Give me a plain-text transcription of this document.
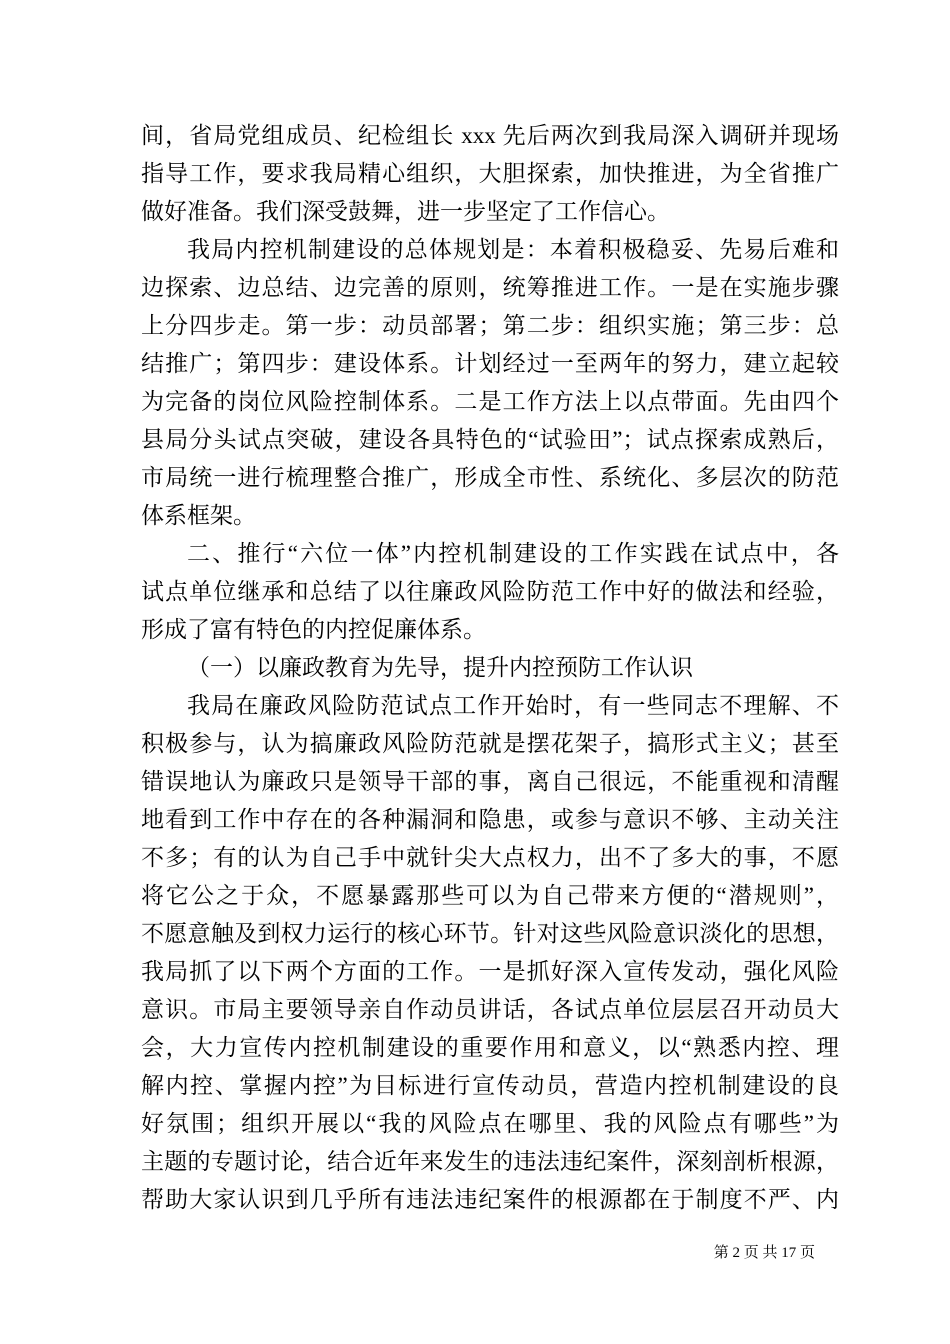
间，省局党组成员、纪检组长 xxx 先后两次到我局深入调研并现场
指导工作，要求我局精心组织，大胆探索，加快推进，为全省推广
做好准备。我们深受鼓舞，进一步坚定了工作信心。
我局内控机制建设的总体规划是：本着积极稳妥、先易后难和
边探索、边总结、边完善的原则，统筹推进工作。一是在实施步骤
上分四步走。第一步：动员部署；第二步：组织实施；第三步：总
结推广；第四步：建设体系。计划经过一至两年的努力，建立起较
为完备的岗位风险控制体系。二是工作方法上以点带面。先由四个
县局分头试点突破，建设各具特色的“试验田”；试点探索成熟后，
市局统一进行梳理整合推广，形成全市性、系统化、多层次的防范
体系框架。
二、推行“六位一体”内控机制建设的工作实践在试点中，各
试点单位继承和总结了以往廉政风险防范工作中好的做法和经验，
形成了富有特色的内控促廉体系。
（一）以廉政教育为先导，提升内控预防工作认识
我局在廉政风险防范试点工作开始时，有一些同志不理解、不
积极参与，认为搞廉政风险防范就是摆花架子，搞形式主义；甚至
错误地认为廉政只是领导干部的事，离自己很远，不能重视和清醒
地看到工作中存在的各种漏洞和隐患，或参与意识不够、主动关注
不多；有的认为自己手中就针尖大点权力，出不了多大的事，不愿
将它公之于众，不愿暴露那些可以为自己带来方便的“潜规则”，
不愿意触及到权力运行的核心环节。针对这些风险意识淡化的思想，
我局抓了以下两个方面的工作。一是抓好深入宣传发动，强化风险
意识。市局主要领导亲自作动员讲话，各试点单位层层召开动员大
会，大力宣传内控机制建设的重要作用和意义，以“熟悉内控、理
解内控、掌握内控”为目标进行宣传动员，营造内控机制建设的良
好氛围；组织开展以“我的风险点在哪里、我的风险点有哪些”为
主题的专题讨论，结合近年来发生的违法违纪案件，深刻剖析根源，
帮助大家认识到几乎所有违法违纪案件的根源都在于制度不严、内
第 2 页 共 17 页
